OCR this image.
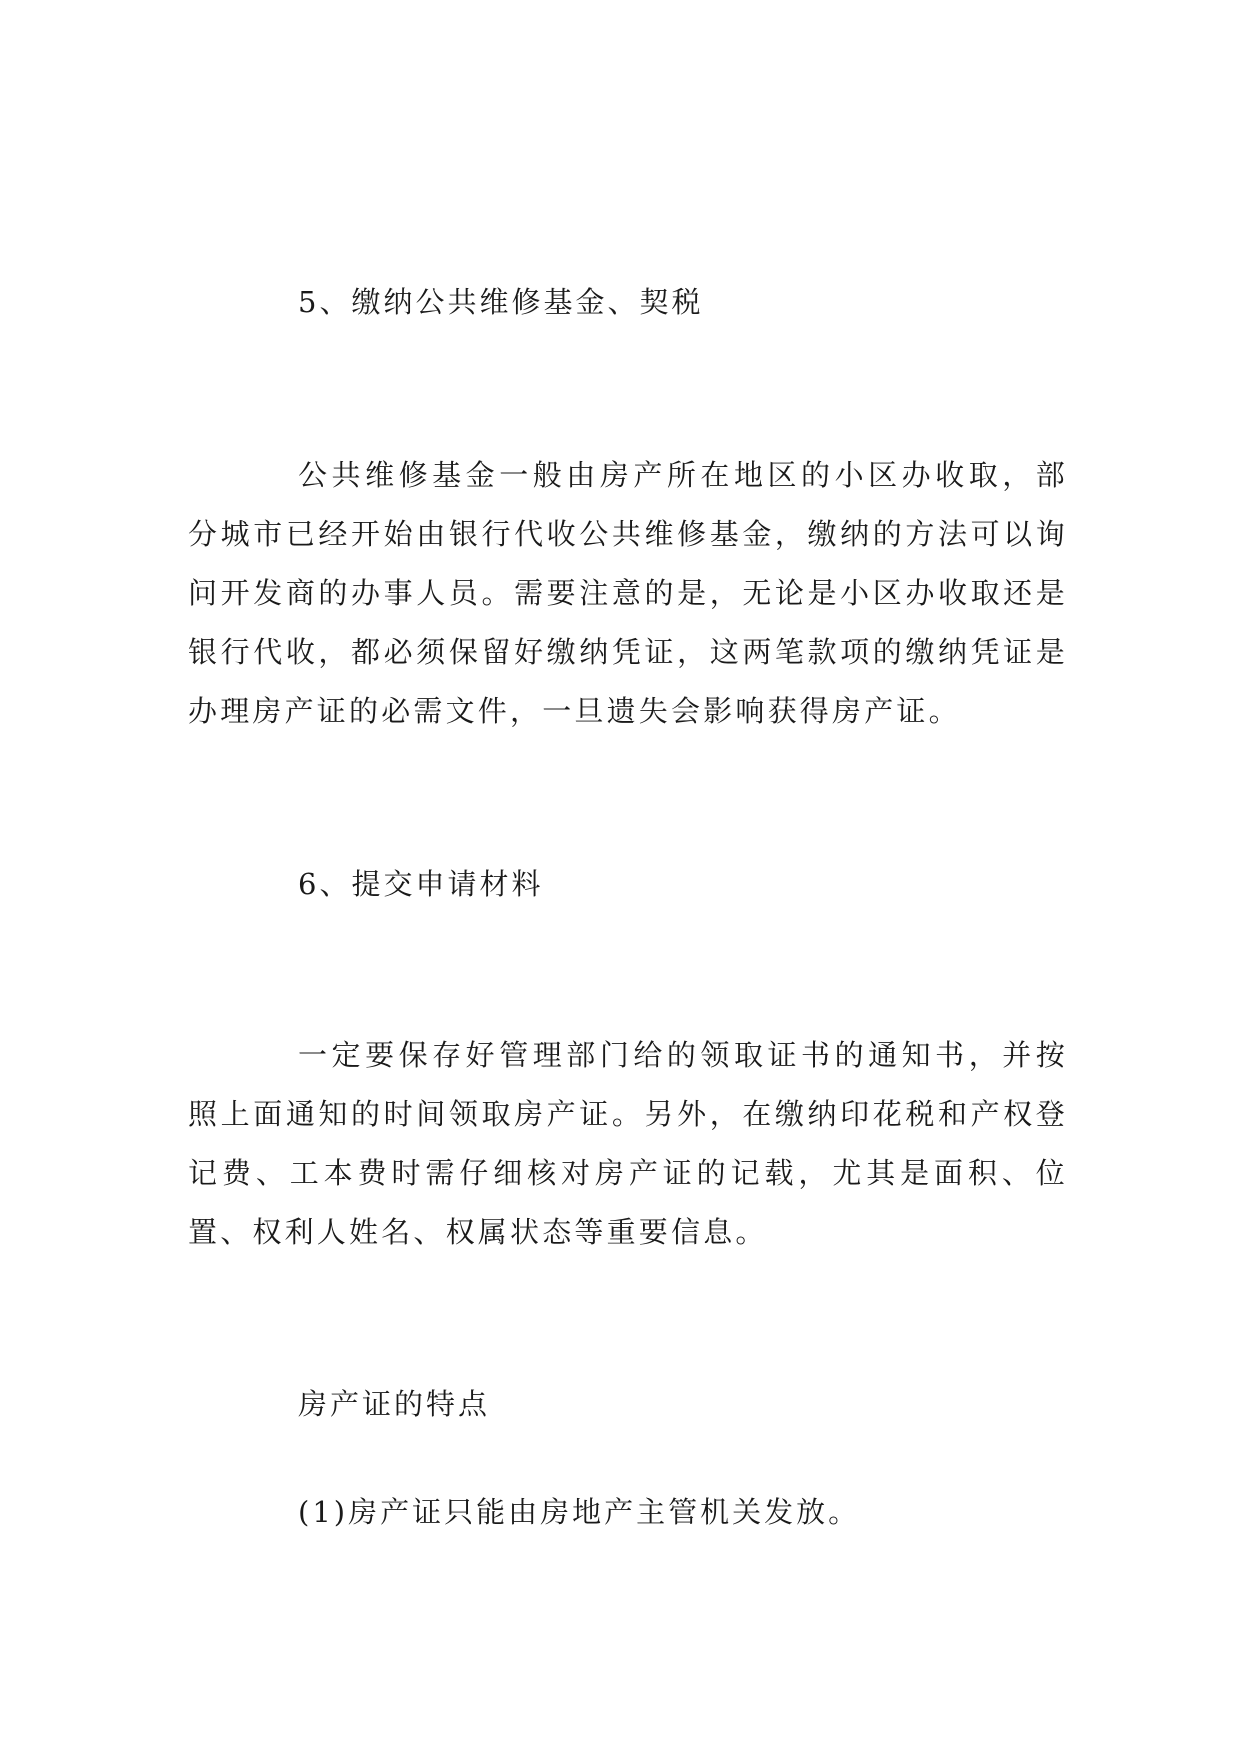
5、缴纳公共维修基金、契税

公共维修基金一般由房产所在地区的小区办收取，部分城市已经开始由银行代收公共维修基金，缴纳的方法可以询问开发商的办事人员。需要注意的是，无论是小区办收取还是银行代收，都必须保留好缴纳凭证，这两笔款项的缴纳凭证是办理房产证的必需文件，一旦遗失会影响获得房产证。

6、提交申请材料

一定要保存好管理部门给的领取证书的通知书，并按照上面通知的时间领取房产证。另外，在缴纳印花税和产权登记费、工本费时需仔细核对房产证的记载，尤其是面积、位置、权利人姓名、权属状态等重要信息。

房产证的特点

(1)房产证只能由房地产主管机关发放。
